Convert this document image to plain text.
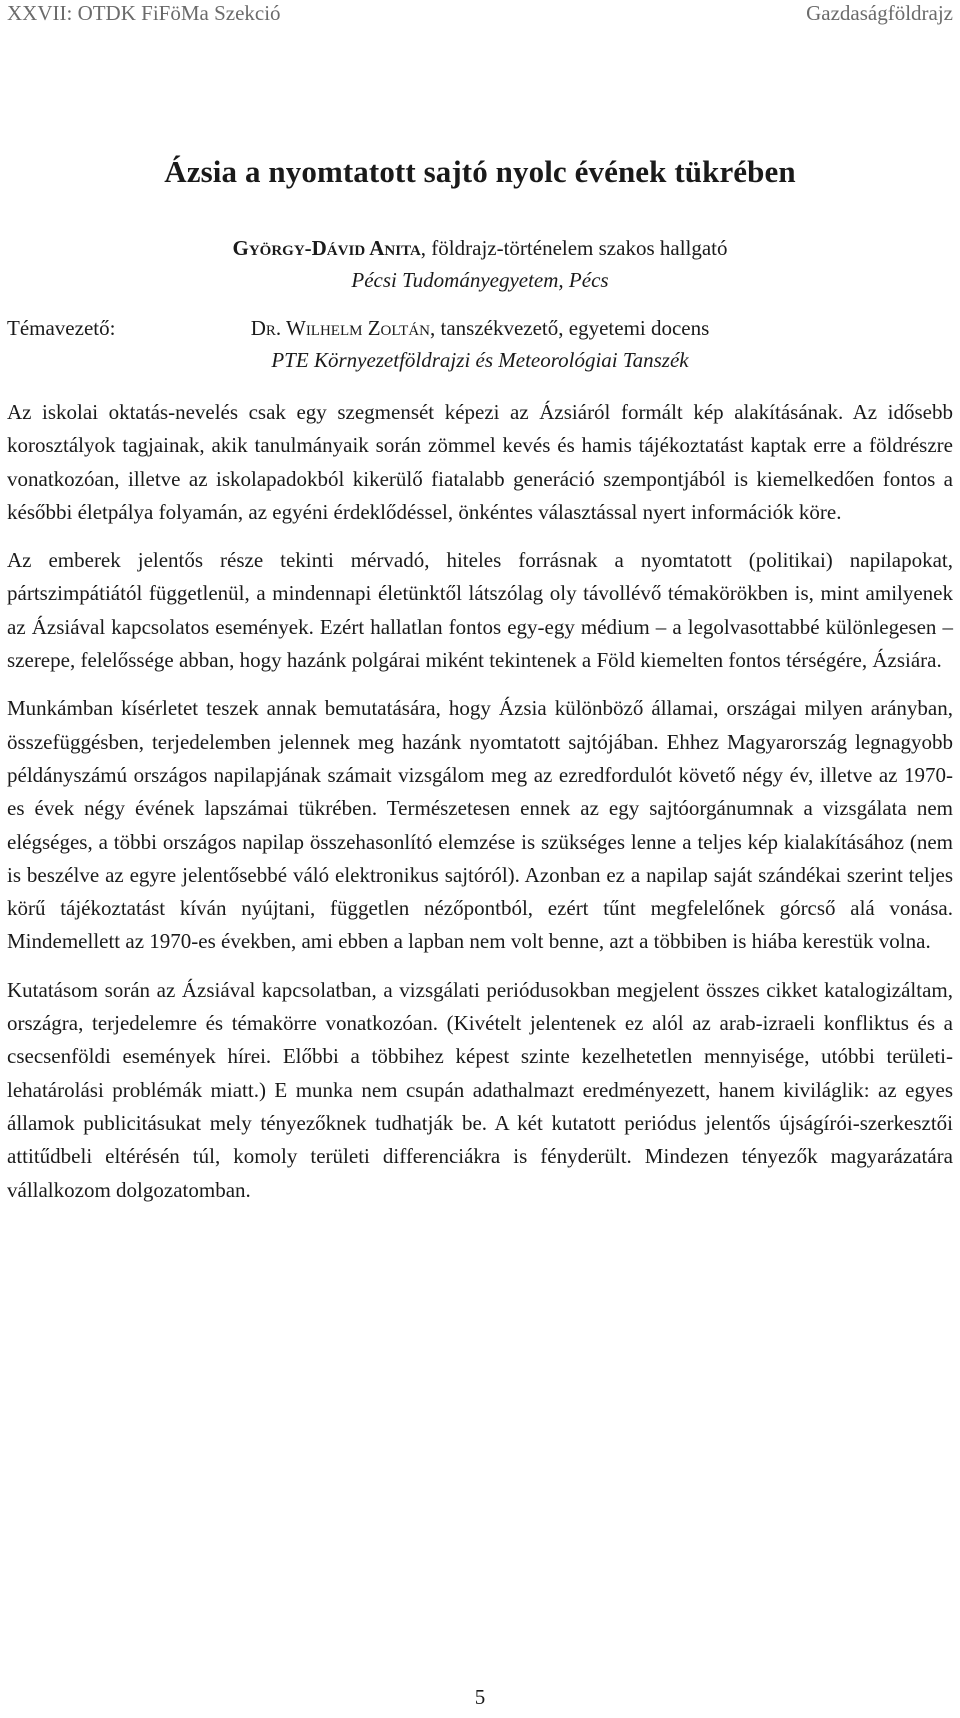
XXVII: OTDK FiFöMa Szekció	Gazdaságföldrajz
Ázsia a nyomtatott sajtó nyolc évének tükrében
György-Dávid Anita, földrajz-történelem szakos hallgató
Pécsi Tudományegyetem, Pécs
Témavezető:	Dr. Wilhelm Zoltán, tanszékvezető, egyetemi docens
PTE Környezetföldrajzi és Meteorológiai Tanszék

Az iskolai oktatás-nevelés csak egy szegmensét képezi az Ázsiáról formált kép alakításának. Az idősebb korosztályok tagjainak, akik tanulmányaik során zömmel kevés és hamis tájékoztatást kaptak erre a földrészre vonatkozóan, illetve az iskolapadokból kikerülő fiatalabb generáció szempontjából is kiemelkedően fontos a későbbi életpálya folyamán, az egyéni érdeklődéssel, önkéntes választással nyert információk köre.

Az emberek jelentős része tekinti mérvadó, hiteles forrásnak a nyomtatott (politikai) napilapokat, pártszimpátiától függetlenül, a mindennapi életünktől látszólag oly távollévő témakörökben is, mint amilyenek az Ázsiával kapcsolatos események. Ezért hallatlan fontos egy-egy médium – a legolvasottabbé különlegesen – szerepe, felelőssége abban, hogy hazánk polgárai miként tekintenek a Föld kiemelten fontos térségére, Ázsiára.

Munkámban kísérletet teszek annak bemutatására, hogy Ázsia különböző államai, országai milyen arányban, összefüggésben, terjedelemben jelennek meg hazánk nyomtatott sajtójában. Ehhez Magyarország legnagyobb példányszámú országos napilapjának számait vizsgálom meg az ezredfordulót követő négy év, illetve az 1970-es évek négy évének lapszámai tükrében. Természetesen ennek az egy sajtóorgánumnak a vizsgálata nem elégséges, a többi országos napilap összehasonlító elemzése is szükséges lenne a teljes kép kialakításához (nem is beszélve az egyre jelentősebbé váló elektronikus sajtóról). Azonban ez a napilap saját szándékai szerint teljes körű tájékoztatást kíván nyújtani, független nézőpontból, ezért tűnt megfelelőnek górcső alá vonása. Mindemellett az 1970-es években, ami ebben a lapban nem volt benne, azt a többiben is hiába kerestük volna.

Kutatásom során az Ázsiával kapcsolatban, a vizsgálati periódusokban megjelent összes cikket katalogizáltam, országra, terjedelemre és témakörre vonatkozóan. (Kivételt jelentenek ez alól az arab-izraeli konfliktus és a csecsenföldi események hírei. Előbbi a többihez képest szinte kezelhetetlen mennyisége, utóbbi területi-lehatárolási problémák miatt.) E munka nem csupán adathalmazt eredményezett, hanem kiviláglik: az egyes államok publicitásukat mely tényezőknek tudhatják be. A két kutatott periódus jelentős újságírói-szerkesztői attitűdbeli eltérésén túl, komoly területi differenciákra is fényderült. Mindezen tényezők magyarázatára vállalkozom dolgozatomban.

5
